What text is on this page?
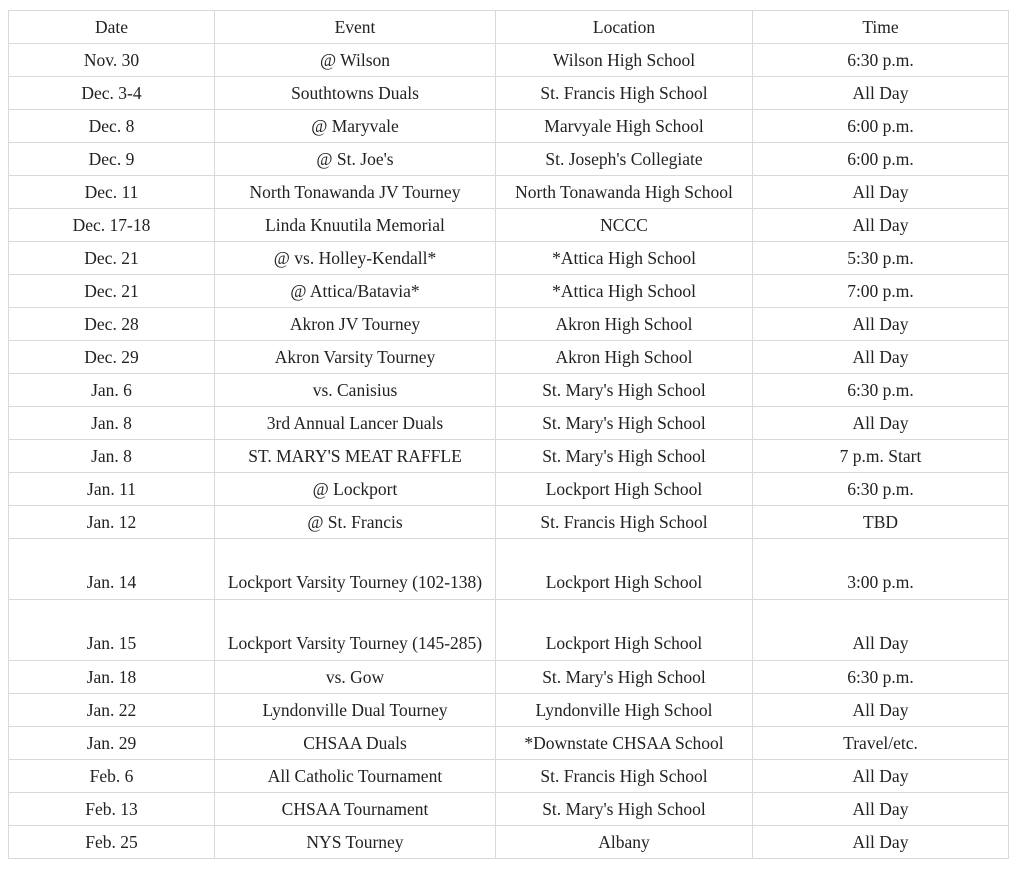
Date	Event	Location	Time
Nov. 30	@ Wilson	Wilson High School	6:30 p.m.
Dec. 3-4	Southtowns Duals	St. Francis High School	All Day
Dec. 8	@ Maryvale	Marvyale High School	6:00 p.m.
Dec. 9	@ St. Joe's	St. Joseph's Collegiate	6:00 p.m.
Dec. 11	North Tonawanda JV Tourney	North Tonawanda High School	All Day
Dec. 17-18	Linda Knuutila Memorial	NCCC	All Day
Dec. 21	@ vs. Holley-Kendall*	*Attica High School	5:30 p.m.
Dec. 21	@ Attica/Batavia*	*Attica High School	7:00 p.m.
Dec. 28	Akron JV Tourney	Akron High School	All Day
Dec. 29	Akron Varsity Tourney	Akron High School	All Day
Jan. 6	vs. Canisius	St. Mary's High School	6:30 p.m.
Jan. 8	3rd Annual Lancer Duals	St. Mary's High School	All Day
Jan. 8	ST. MARY'S MEAT RAFFLE	St. Mary's High School	7 p.m. Start
Jan. 11	@ Lockport	Lockport High School	6:30 p.m.
Jan. 12	@ St. Francis	St. Francis High School	TBD
Jan. 14	Lockport Varsity Tourney (102-138)	Lockport High School	3:00 p.m.
Jan. 15	Lockport Varsity Tourney (145-285)	Lockport High School	All Day
Jan. 18	vs. Gow	St. Mary's High School	6:30 p.m.
Jan. 22	Lyndonville Dual Tourney	Lyndonville High School	All Day
Jan. 29	CHSAA Duals	*Downstate CHSAA School	Travel/etc.
Feb. 6	All Catholic Tournament	St. Francis High School	All Day
Feb. 13	CHSAA Tournament	St. Mary's High School	All Day
Feb. 25	NYS Tourney	Albany	All Day
